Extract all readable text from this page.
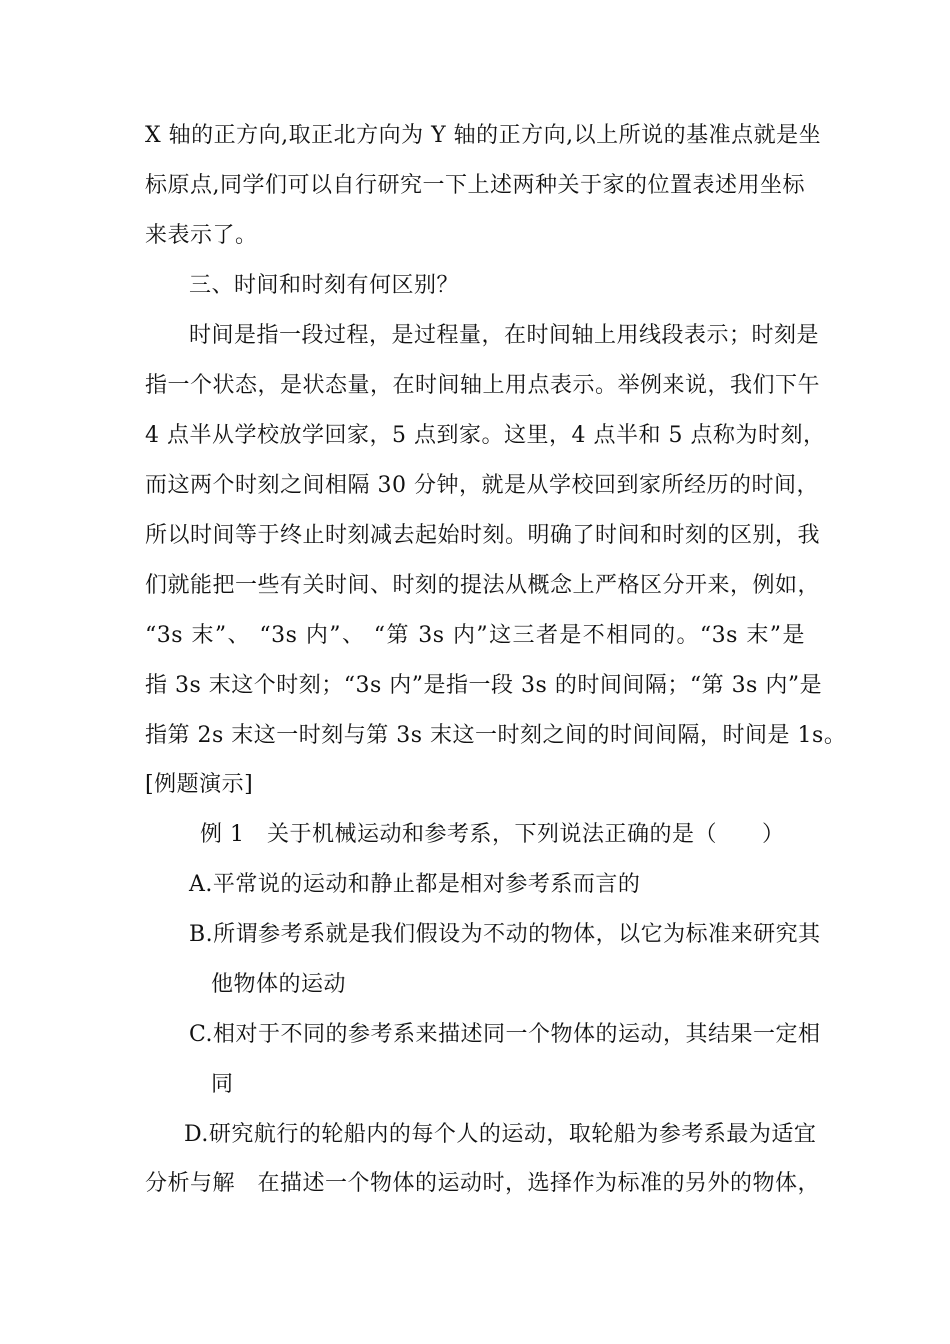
X 轴的正方向,取正北方向为 Y 轴的正方向,以上所说的基准点就是坐
标原点,同学们可以自行研究一下上述两种关于家的位置表述用坐标
来表示了。
三、时间和时刻有何区别？
时间是指一段过程，是过程量，在时间轴上用线段表示；时刻是
指一个状态，是状态量，在时间轴上用点表示。举例来说，我们下午
4 点半从学校放学回家，5 点到家。这里，4 点半和 5 点称为时刻，
而这两个时刻之间相隔 30 分钟，就是从学校回到家所经历的时间，
所以时间等于终止时刻减去起始时刻。明确了时间和时刻的区别，我
们就能把一些有关时间、时刻的提法从概念上严格区分开来，例如，
“3s 末”、 “3s 内”、 “第 3s 内”这三者是不相同的。“3s 末”是
指 3s 末这个时刻；“3s 内”是指一段 3s 的时间间隔；“第 3s 内”是
指第 2s 末这一时刻与第 3s 末这一时刻之间的时间间隔，时间是 1s。
[例题演示]
例 1　关于机械运动和参考系，下列说法正确的是（　　）
A.平常说的运动和静止都是相对参考系而言的
B.所谓参考系就是我们假设为不动的物体，以它为标准来研究其
他物体的运动
C.相对于不同的参考系来描述同一个物体的运动，其结果一定相
同
D.研究航行的轮船内的每个人的运动，取轮船为参考系最为适宜
分析与解　在描述一个物体的运动时，选择作为标准的另外的物体，
